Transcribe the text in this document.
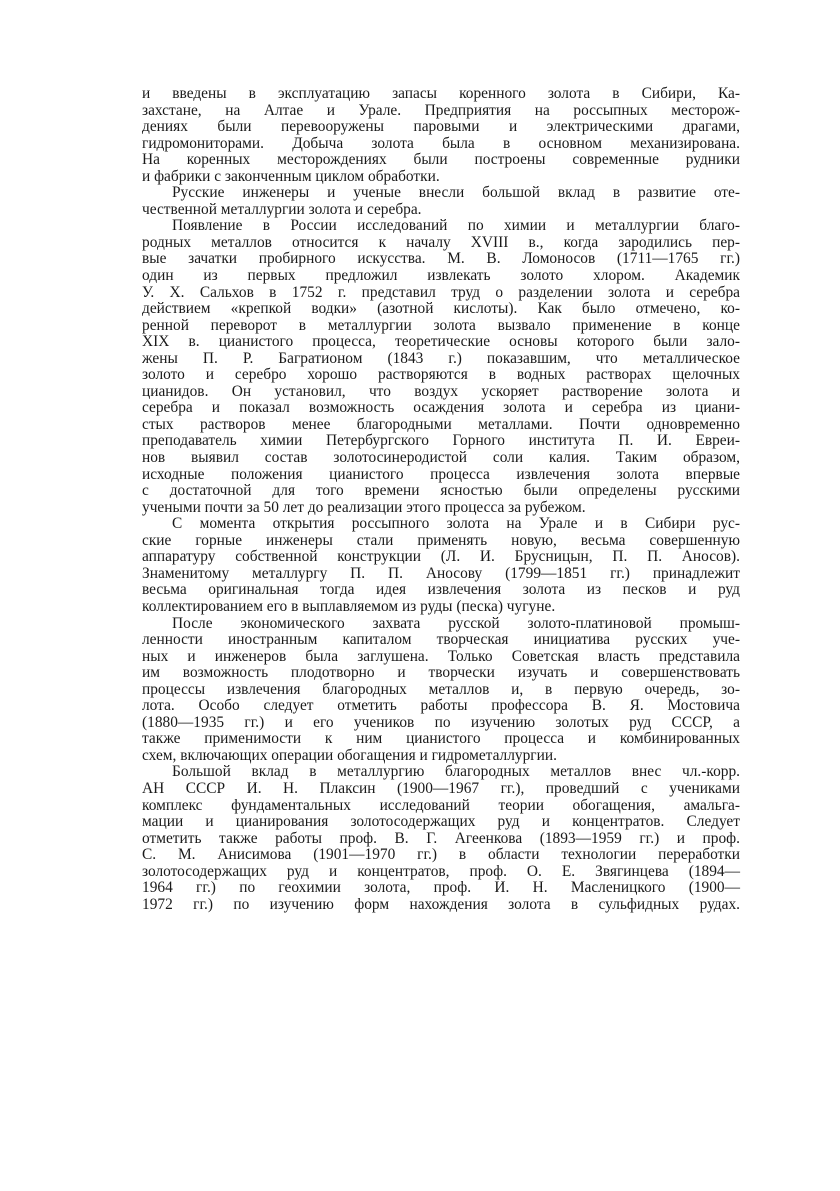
и введены в эксплуатацию запасы коренного золота в Сибири, Ка-
захстане, на Алтае и Урале. Предприятия на россыпных месторож-
дениях были перевооружены паровыми и электрическими драгами,
гидромониторами. Добыча золота была в основном механизирована.
На коренных месторождениях были построены современные рудники
и фабрики с законченным циклом обработки.
Русские инженеры и ученые внесли большой вклад в развитие оте-
чественной металлургии золота и серебра.
Появление в России исследований по химии и металлургии благо-
родных металлов относится к началу XVIII в., когда зародились пер-
вые зачатки пробирного искусства. М. В. Ломоносов (1711—1765 гг.)
один из первых предложил извлекать золото хлором. Академик
У. Х. Сальхов в 1752 г. представил труд о разделении золота и серебра
действием «крепкой водки» (азотной кислоты). Как было отмечено, ко-
ренной переворот в металлургии золота вызвало применение в конце
XIX в. цианистого процесса, теоретические основы которого были зало-
жены П. Р. Багратионом (1843 г.) показавшим, что металлическое
золото и серебро хорошо растворяются в водных растворах щелочных
цианидов. Он установил, что воздух ускоряет растворение золота и
серебра и показал возможность осаждения золота и серебра из циани-
стых растворов менее благородными металлами. Почти одновременно
преподаватель химии Петербургского Горного института П. И. Евреи-
нов выявил состав золотосинеродистой соли калия. Таким образом,
исходные положения цианистого процесса извлечения золота впервые
с достаточной для того времени ясностью были определены русскими
учеными почти за 50 лет до реализации этого процесса за рубежом.
С момента открытия россыпного золота на Урале и в Сибири рус-
ские горные инженеры стали применять новую, весьма совершенную
аппаратуру собственной конструкции (Л. И. Брусницын, П. П. Аносов).
Знаменитому металлургу П. П. Аносову (1799—1851 гг.) принадлежит
весьма оригинальная тогда идея извлечения золота из песков и руд
коллектированием его в выплавляемом из руды (песка) чугуне.
После экономического захвата русской золото-платиновой промыш-
ленности иностранным капиталом творческая инициатива русских уче-
ных и инженеров была заглушена. Только Советская власть представила
им возможность плодотворно и творчески изучать и совершенствовать
процессы извлечения благородных металлов и, в первую очередь, зо-
лота. Особо следует отметить работы профессора В. Я. Мостовича
(1880—1935 гг.) и его учеников по изучению золотых руд СССР, а
также применимости к ним цианистого процесса и комбинированных
схем, включающих операции обогащения и гидрометаллургии.
Большой вклад в металлургию благородных металлов внес чл.-корр.
АН СССР И. Н. Плаксин (1900—1967 гг.), проведший с учениками
комплекс фундаментальных исследований теории обогащения, амальга-
мации и цианирования золотосодержащих руд и концентратов. Следует
отметить также работы проф. В. Г. Агеенкова (1893—1959 гг.) и проф.
С. М. Анисимова (1901—1970 гг.) в области технологии переработки
золотосодержащих руд и концентратов, проф. О. Е. Звягинцева (1894—
1964 гг.) по геохимии золота, проф. И. Н. Масленицкого (1900—
1972 гг.) по изучению форм нахождения золота в сульфидных рудах.
